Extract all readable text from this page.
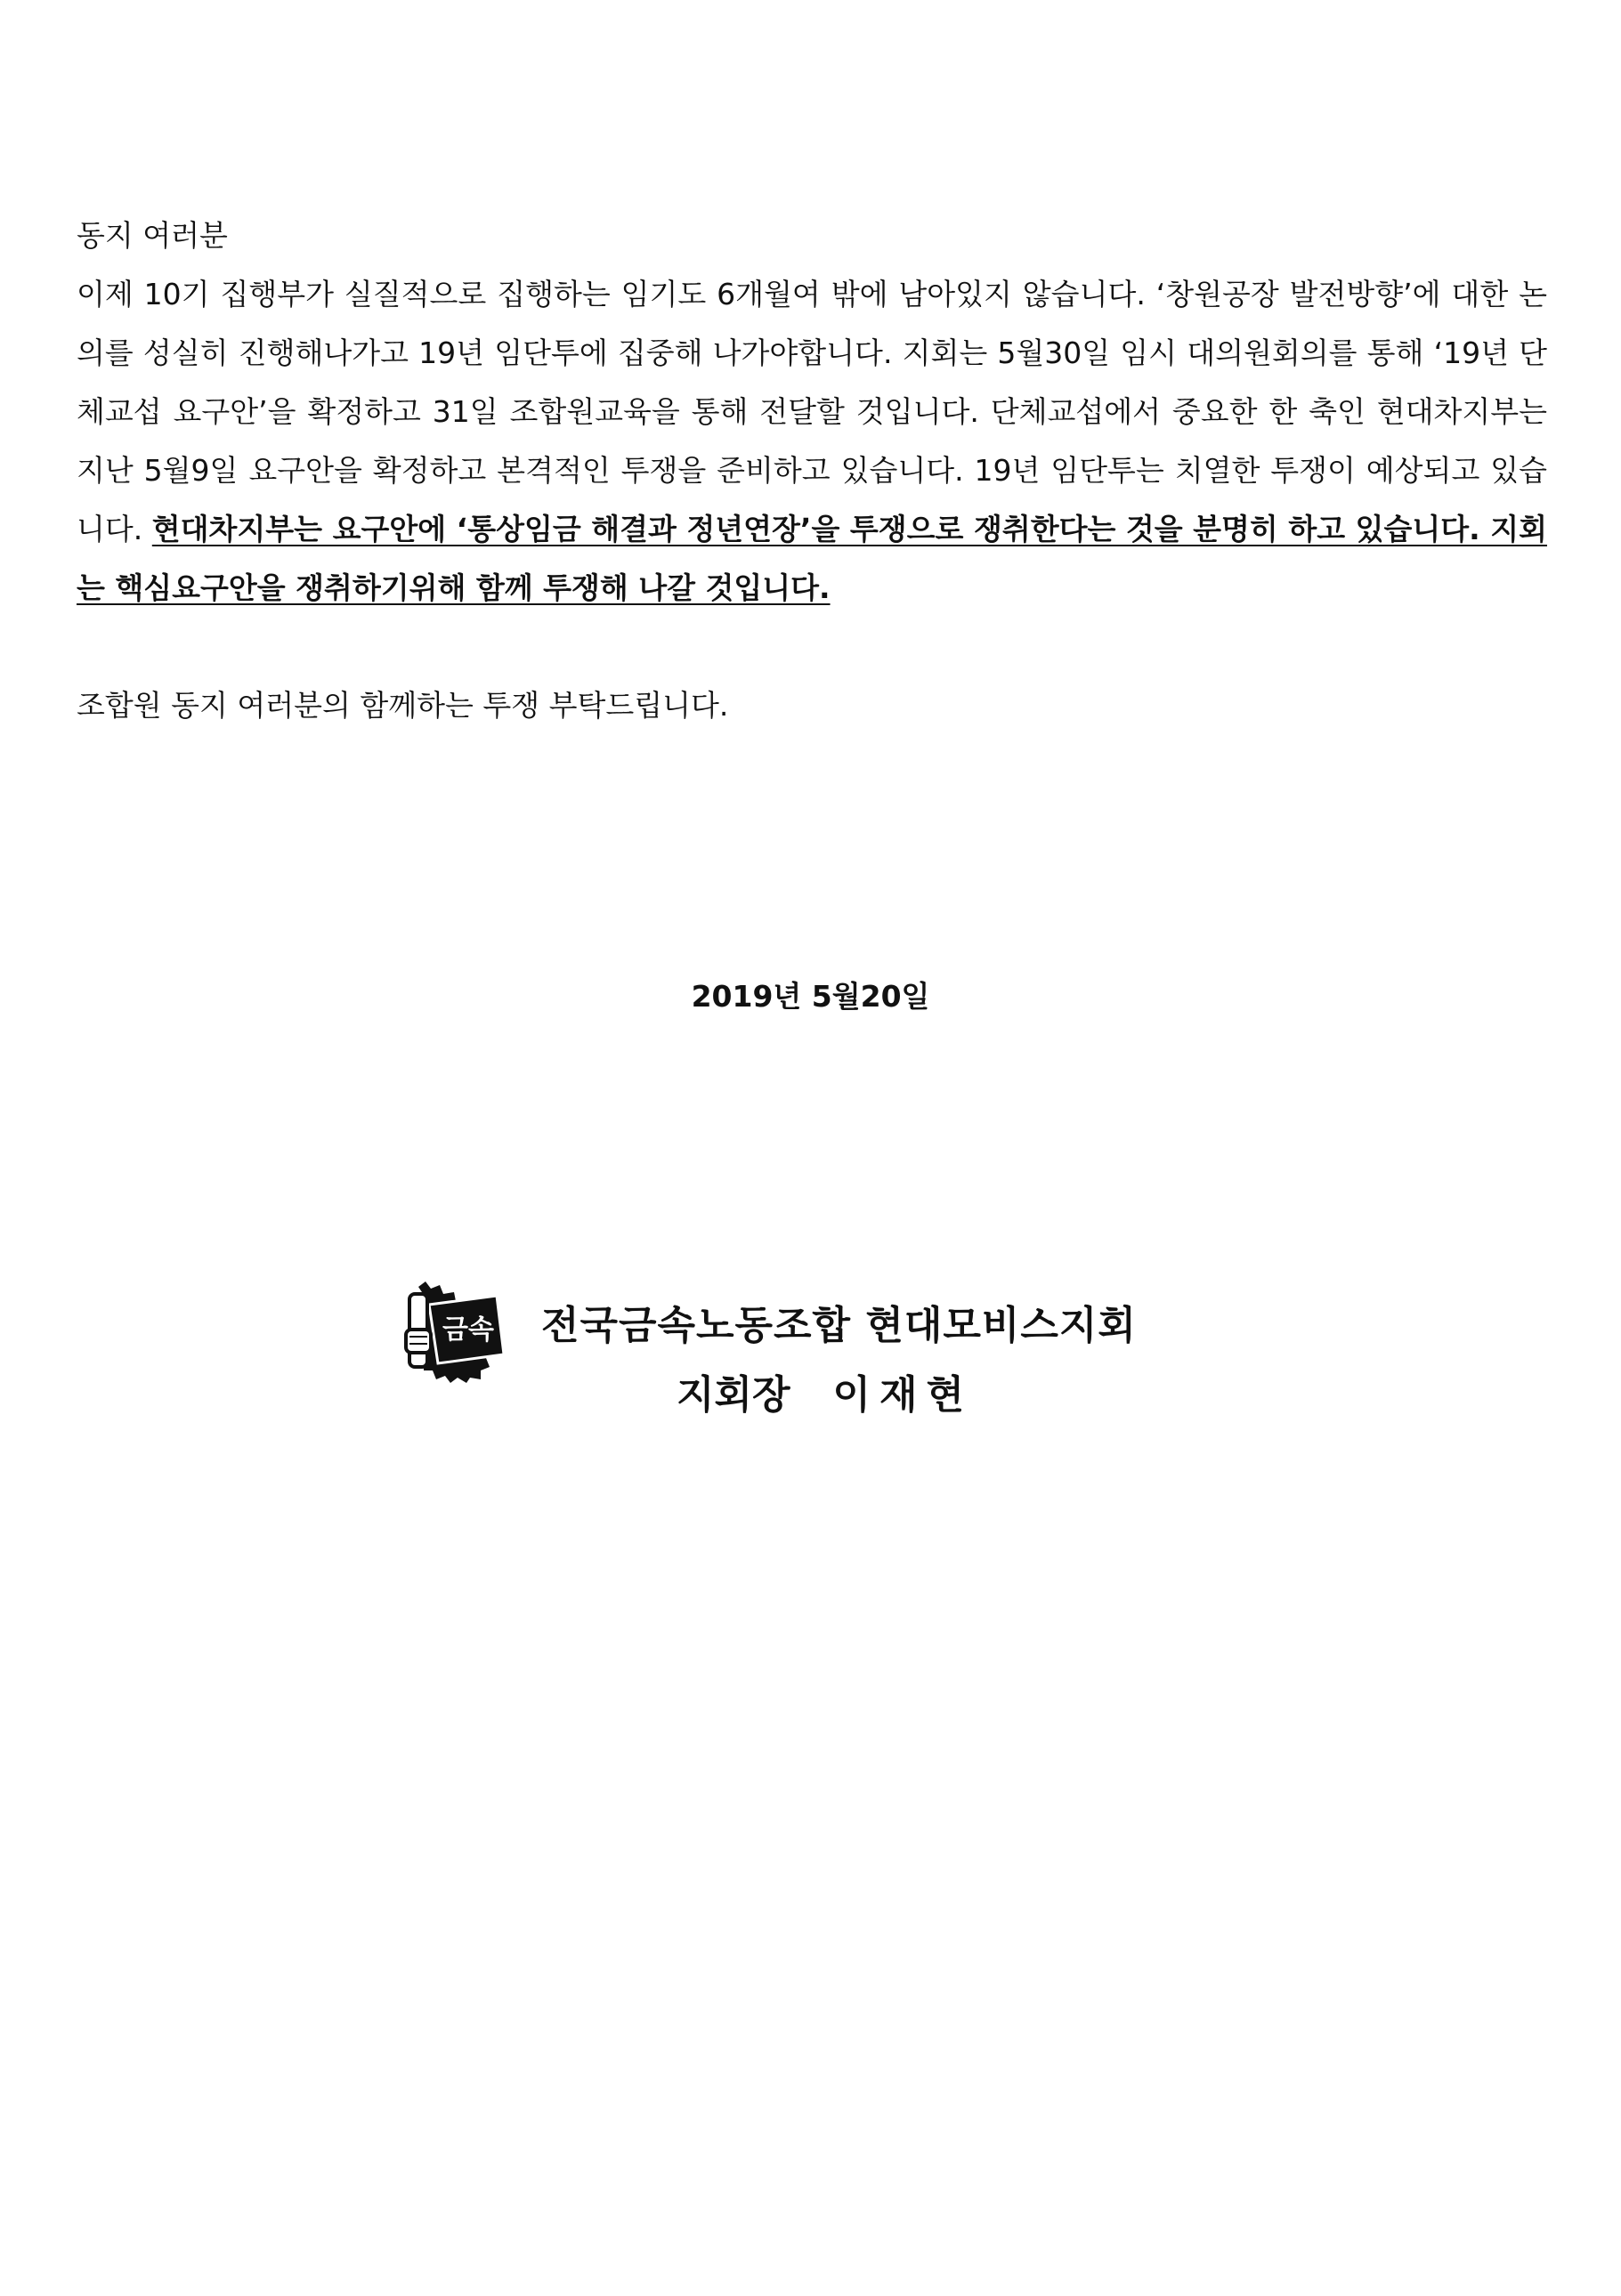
동지 여러분

이제 10기 집행부가 실질적으로 집행하는 임기도 6개월여 밖에 남아있지 않습니다. ‘창원공장 발전방향’에 대한 논의를 성실히 진행해나가고 19년 임단투에 집중해 나가야합니다. 지회는 5월30일 임시 대의원회의를 통해 ‘19년 단체교섭 요구안’을 확정하고 31일 조합원교육을 통해 전달할 것입니다. 단체교섭에서 중요한 한 축인 현대차지부는 지난 5월9일 요구안을 확정하고 본격적인 투쟁을 준비하고 있습니다. 19년 임단투는 치열한 투쟁이 예상되고 있습니다. 현대차지부는 요구안에 ‘통상임금 해결과 정년연장’을 투쟁으로 쟁취한다는 것을 분명히 하고 있습니다. 지회는 핵심요구안을 쟁취하기위해 함께 투쟁해 나갈 것입니다.

조합원 동지 여러분의 함께하는 투쟁 부탁드립니다.

2019년 5월20일
금속 전국금속노동조합 현대모비스지회
지회장 이재현
